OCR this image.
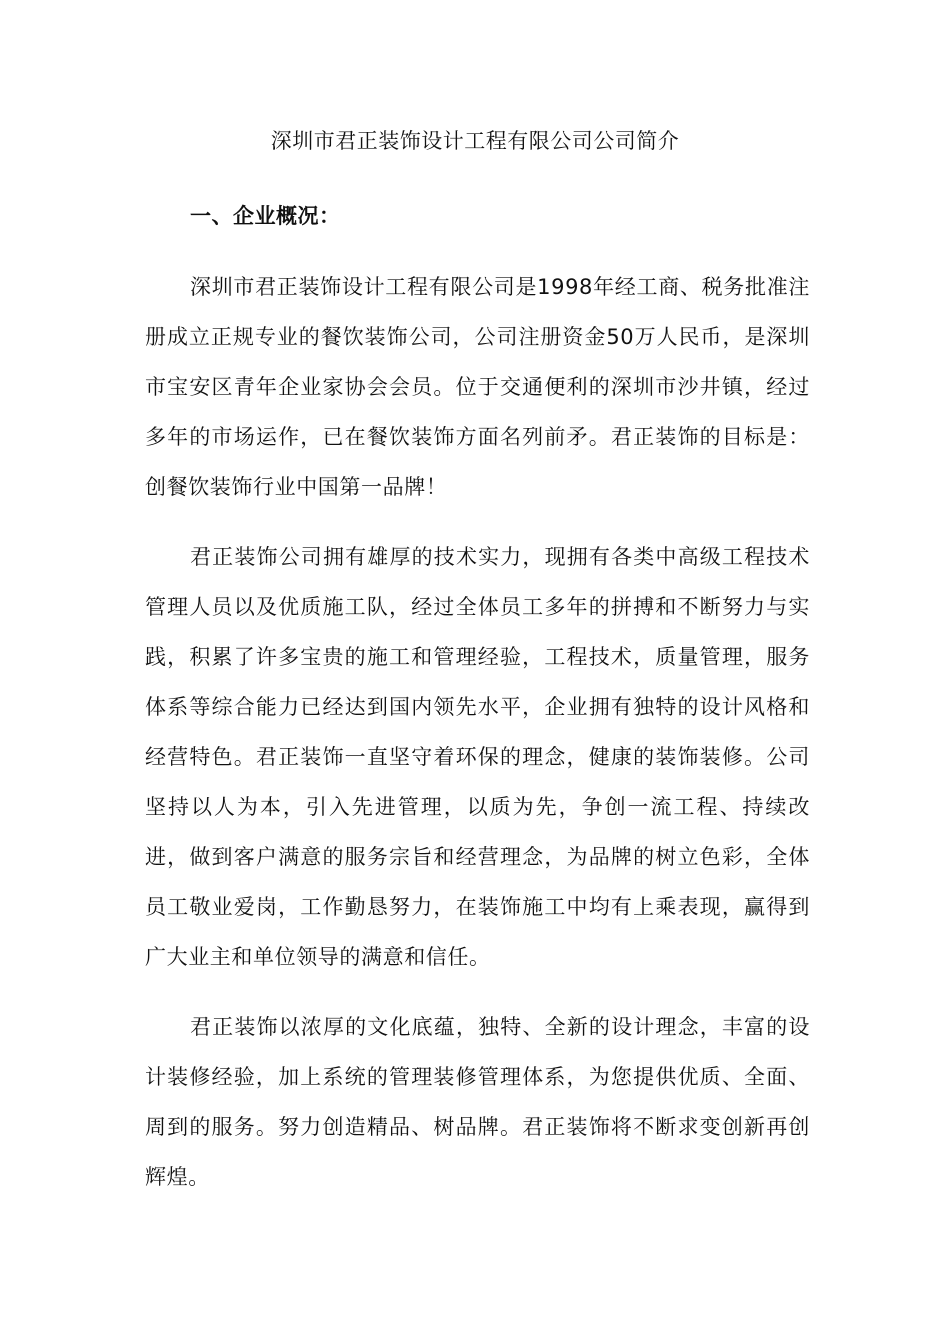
深圳市君正装饰设计工程有限公司公司简介
一、企业概况：

深圳市君正装饰设计工程有限公司是1998年经工商、税务批准注册成立正规专业的餐饮装饰公司，公司注册资金50万人民币，是深圳市宝安区青年企业家协会会员。位于交通便利的深圳市沙井镇，经过多年的市场运作，已在餐饮装饰方面名列前矛。君正装饰的目标是：创餐饮装饰行业中国第一品牌！

君正装饰公司拥有雄厚的技术实力，现拥有各类中高级工程技术管理人员以及优质施工队，经过全体员工多年的拼搏和不断努力与实践，积累了许多宝贵的施工和管理经验，工程技术，质量管理，服务体系等综合能力已经达到国内领先水平，企业拥有独特的设计风格和经营特色。君正装饰一直坚守着环保的理念，健康的装饰装修。公司坚持以人为本，引入先进管理，以质为先，争创一流工程、持续改进，做到客户满意的服务宗旨和经营理念，为品牌的树立色彩，全体员工敬业爱岗，工作勤恳努力，在装饰施工中均有上乘表现，赢得到广大业主和单位领导的满意和信任。

君正装饰以浓厚的文化底蕴，独特、全新的设计理念，丰富的设计装修经验，加上系统的管理装修管理体系，为您提供优质、全面、周到的服务。努力创造精品、树品牌。君正装饰将不断求变创新再创辉煌。
